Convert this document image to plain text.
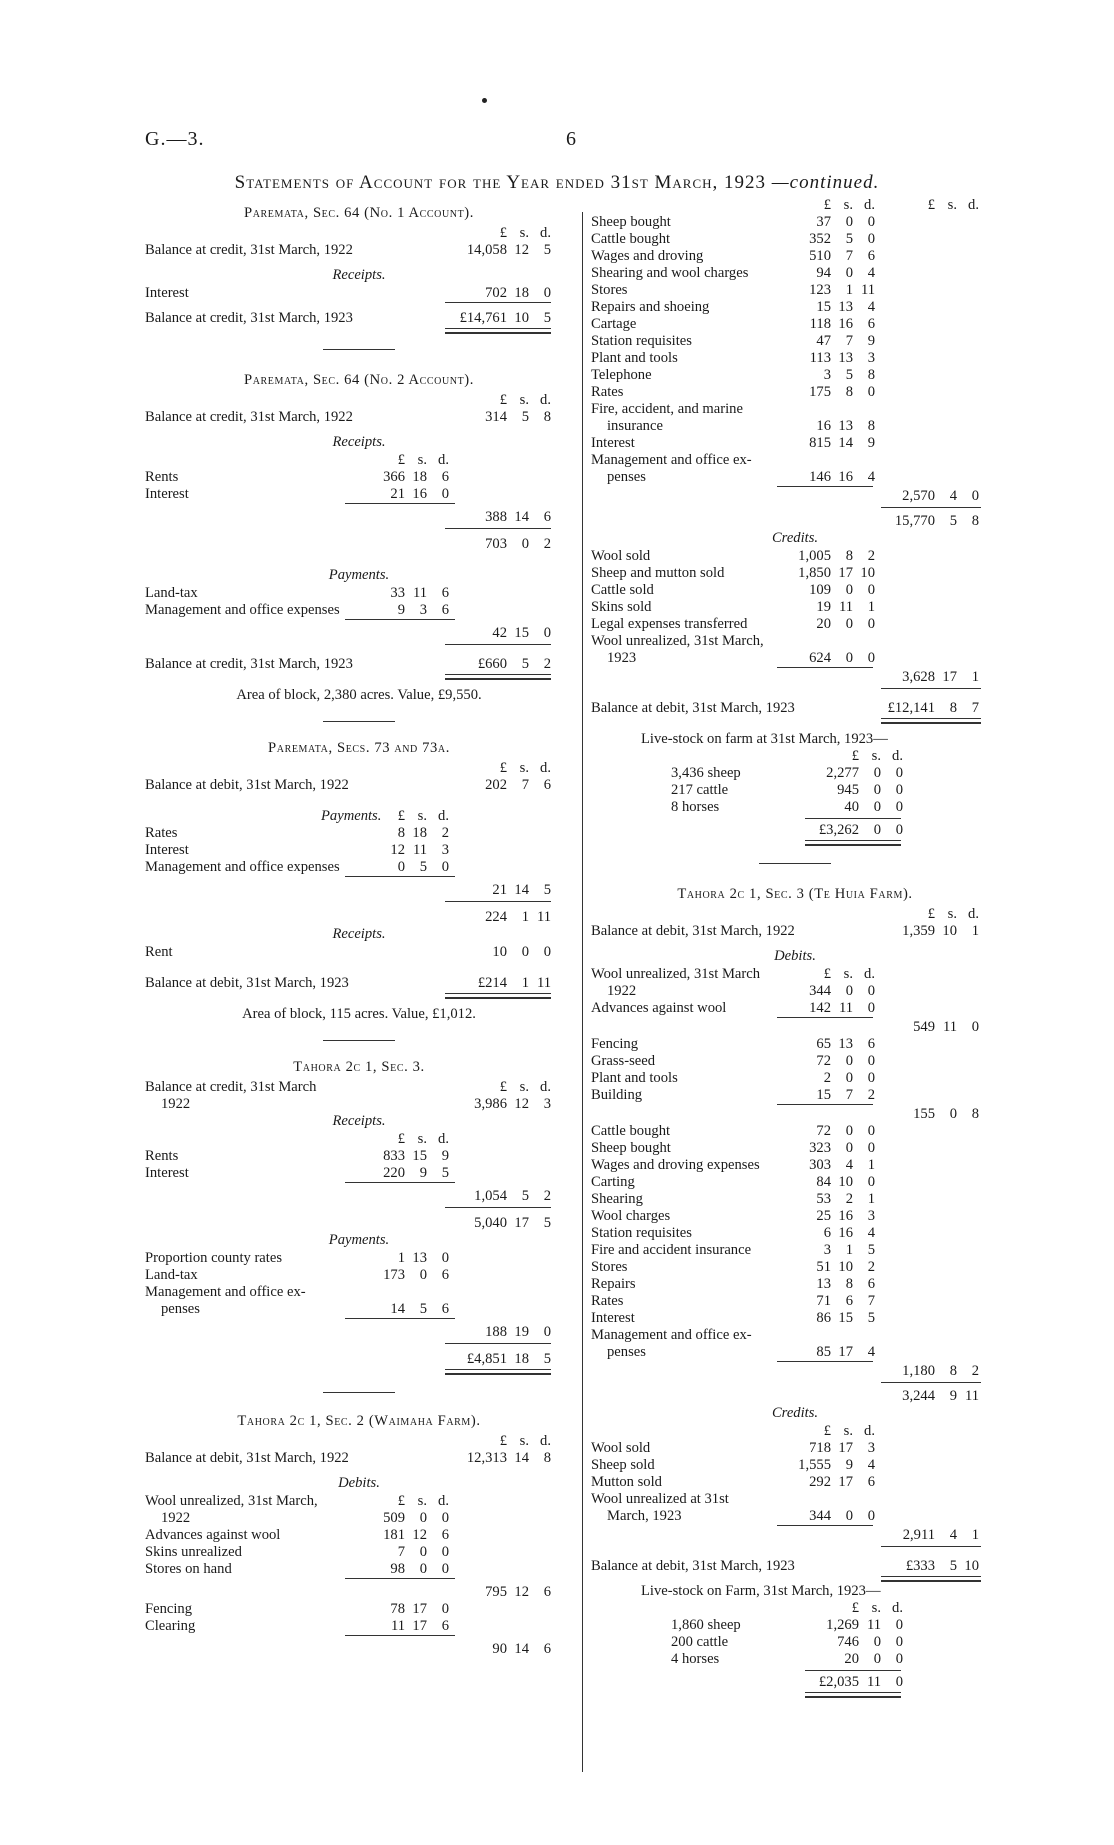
G.—3.	6
Statements of Account for the Year ended 31st March, 1923 —continued.
Paremata, Sec. 64 (No. 1 Account).
£ s. d.
Balance at credit, 31st March, 1922	14,058 12	5
Receipts.
Interest	702 18	0
Balance at credit, 31st March, 1923	£14,761 10	5
Paremata, Sec. 64 (No. 2 Account).
£ s. d.
Balance at credit, 31st March, 1922	314	5	8
Receipts.
£ s. d.
Rents	366 18	6
Interest	21 16	0
388 14	6
703	0	2
Payments.
Land-tax	33 11	6
Management and office expenses	9	3	6
42 15	0
Balance at credit, 31st March, 1923	£660	5	2
Area of block, 2,380 acres. Value, £9,550.
Paremata, Secs. 73 and 73a.
£ s. d.
Balance at debit, 31st March, 1922	202	7	6
Payments.	£ s. d.
Rates	8 18	2
Interest	12 11	3
Management and office expenses	0	5	0
21 14	5
224	1 11
Receipts.
Rent	10	0	0
Balance at debit, 31st March, 1923	£214	1 11
Area of block, 115 acres. Value, £1,012.
Tahora 2c 1, Sec. 3.
Balance at credit, 31st March	£ s. d.
1922	3,986 12	3
Receipts.
£ s. d.
Rents	833 15	9
Interest	220	9	5
1,054	5	2
5,040 17	5
Payments.
Proportion county rates	1 13	0
Land-tax	173	0	6
Management and office ex-
penses	14	5	6
188 19	0
£4,851 18	5
Tahora 2c 1, Sec. 2 (Waimaha Farm).
£ s. d.
Balance at debit, 31st March, 1922	12,313 14	8
Debits.
Wool unrealized, 31st March,	£ s. d.
1922	509	0	0
Advances against wool	181 12	6
Skins unrealized	7	0	0
Stores on hand	98	0	0
795 12	6
Fencing	78 17	0
Clearing	11 17	6
90 14	6
£ s. d.	£ s. d.
Sheep bought	37	0	0
Cattle bought	352	5	0
Wages and droving	510	7	6
Shearing and wool charges	94	0	4
Stores	123	1 11
Repairs and shoeing	15 13	4
Cartage	118 16	6
Station requisites	47	7	9
Plant and tools	113 13	3
Telephone	3	5	8
Rates	175	8	0
Fire, accident, and marine
insurance	16 13	8
Interest	815 14	9
Management and office ex-
penses	146 16	4
2,570	4	0
15,770	5	8
Credits.
Wool sold	1,005	8	2
Sheep and mutton sold	1,850 17 10
Cattle sold	109	0	0
Skins sold	19 11	1
Legal expenses transferred	20	0	0
Wool unrealized, 31st March,
1923	624	0	0
3,628 17	1
Balance at debit, 31st March, 1923	£12,141	8	7
Live-stock on farm at 31st March, 1923—
£ s. d.
3,436 sheep	2,277	0	0
217 cattle	945	0	0
8 horses	40	0	0
£3,262	0	0
Tahora 2c 1, Sec. 3 (Te Huia Farm).
£ s. d.
Balance at debit, 31st March, 1922	1,359 10	1
Debits.
Wool unrealized, 31st March	£ s. d.
1922	344	0	0
Advances against wool	142 11	0
549 11	0
Fencing	65 13	6
Grass-seed	72	0	0
Plant and tools	2	0	0
Building	15	7	2
155	0	8
Cattle bought	72	0	0
Sheep bought	323	0	0
Wages and droving expenses	303	4	1
Carting	84 10	0
Shearing	53	2	1
Wool charges	25 16	3
Station requisites	6 16	4
Fire and accident insurance	3	1	5
Stores	51 10	2
Repairs	13	8	6
Rates	71	6	7
Interest	86 15	5
Management and office ex-
penses	85 17	4
1,180	8	2
3,244	9 11
Credits.
£ s. d.
Wool sold	718 17	3
Sheep sold	1,555	9	4
Mutton sold	292 17	6
Wool unrealized at 31st
March, 1923	344	0	0
2,911	4	1
Balance at debit, 31st March, 1923	£333	5 10
Live-stock on Farm, 31st March, 1923—
£ s. d.
1,860 sheep	1,269 11	0
200 cattle	746	0	0
4 horses	20	0	0
£2,035 11	0
